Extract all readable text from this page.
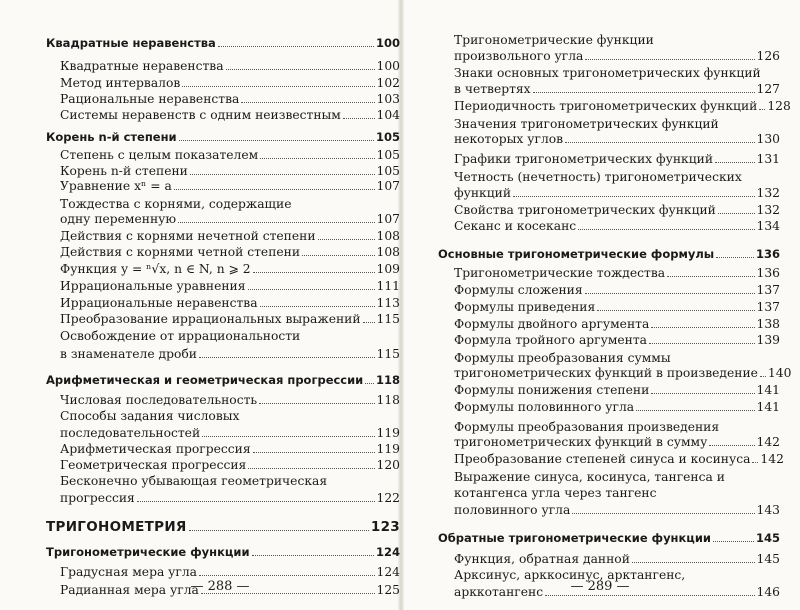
— 288 —
Квадратные неравенства	100
Квадратные неравенства	100
Метод интервалов	102
Рациональные неравенства	103
Системы неравенств с одним неизвестным	104
Корень n-й степени	105
Степень с целым показателем	105
Корень n-й степени	105
Уравнение xⁿ = a	107
Тождества с корнями, содержащие
одну переменную	107
Действия с корнями нечетной степени	108
Действия с корнями четной степени	108
Функция y = ⁿ√x, n ∈ N, n ⩾ 2	109
Иррациональные уравнения	111
Иррациональные неравенства	113
Преобразование иррациональных выражений 115
Освобождение от иррациональности
в знаменателе дроби	115
Арифметическая и геометрическая прогрессии 118
Числовая последовательность	118
Способы задания числовых
последовательностей	119
Арифметическая прогрессия	119
Геометрическая прогрессия	120
Бесконечно убывающая геометрическая
прогрессия	122
ТРИГОНОМЕТРИЯ	123
Тригонометрические функции	124
Градусная мера угла	124
Радианная мера угла	125	— 289 —
Тригонометрические функции
произвольного угла	126
Знаки основных тригонометрических функций
в четвертях	127
Периодичность тригонометрических функций 128
Значения тригонометрических функций
некоторых углов	130
Графики тригонометрических функций	131
Четность (нечетность) тригонометрических
функций	132
Свойства тригонометрических функций	132
Секанс и косеканс	134
Основные тригонометрические формулы	136
Тригонометрические тождества	136
Формулы сложения	137
Формулы приведения	137
Формулы двойного аргумента	138
Формула тройного аргумента	139
Формулы преобразования суммы
тригонометрических функций в произведение 140
Формулы понижения степени	141
Формулы половинного угла	141
Формулы преобразования произведения
тригонометрических функций в сумму	142
Преобразование степеней синуса и косинуса 142
Выражение синуса, косинуса, тангенса и
котангенса угла через тангенс
половинного угла	143
Обратные тригонометрические функции	145
Функция, обратная данной	145
Арксинус, арккосинус, арктангенс,
арккотангенс	146
